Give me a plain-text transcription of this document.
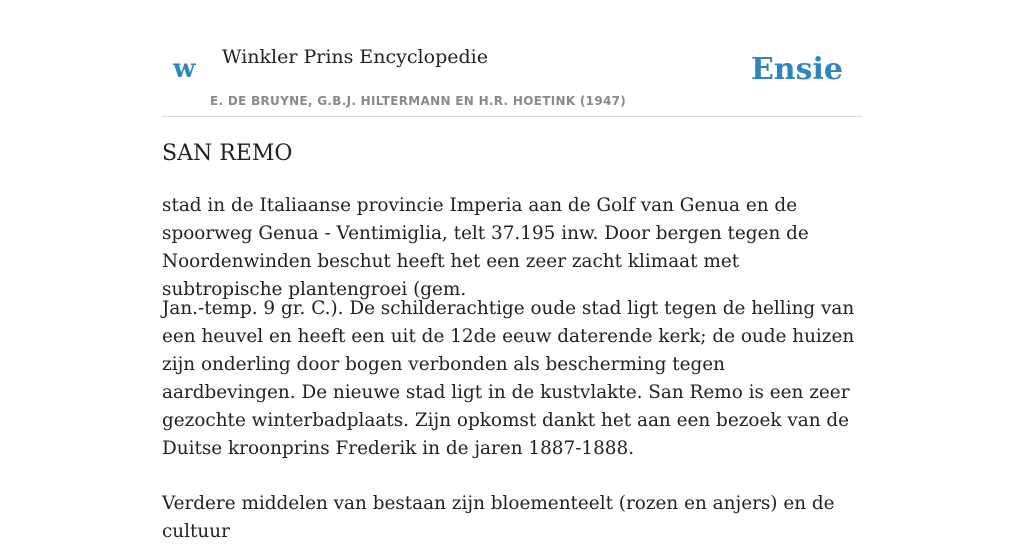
w Winkler Prins Encyclopedie	Ensie
E. DE BRUYNE, G.B.J. HILTERMANN EN H.R. HOETINK (1947)
SAN REMO

stad in de Italiaanse provincie Imperia aan de Golf van Genua en de spoorweg Genua - Ventimiglia, telt 37.195 inw. Door bergen tegen de Noordenwinden beschut heeft het een zeer zacht klimaat met subtropische plantengroei (gem.

Jan.-temp. 9 gr. C.). De schilderachtige oude stad ligt tegen de helling van een heuvel en heeft een uit de 12de eeuw daterende kerk; de oude huizen zijn onderling door bogen verbonden als bescherming tegen aardbevingen. De nieuwe stad ligt in de kustvlakte. San Remo is een zeer gezochte winterbadplaats. Zijn opkomst dankt het aan een bezoek van de Duitse kroonprins Frederik in de jaren 1887-1888.

Verdere middelen van bestaan zijn bloementeelt (rozen en anjers) en de cultuur
